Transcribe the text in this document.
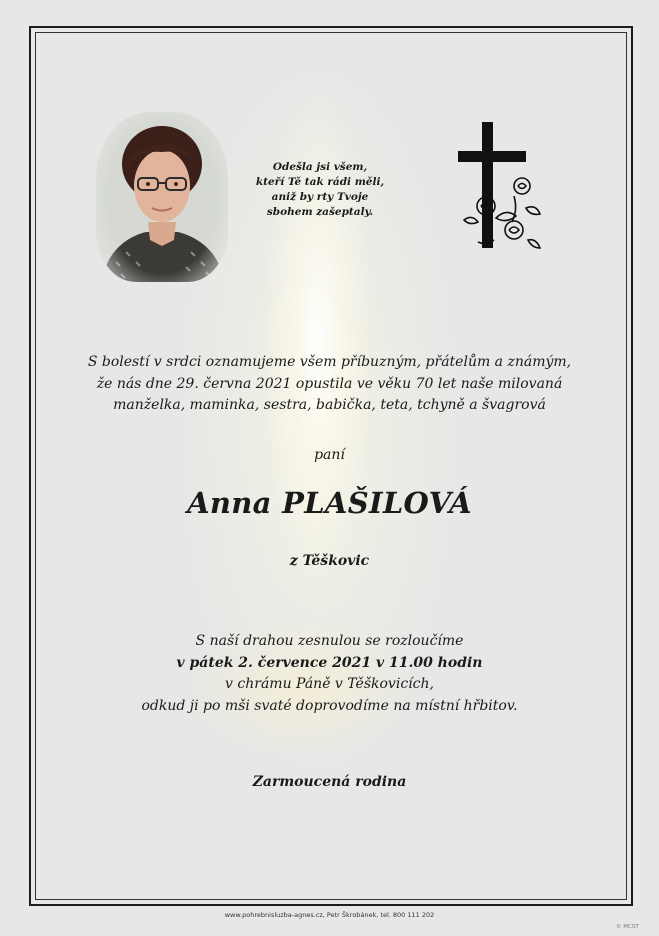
Odešla jsi všem,
kteří Tě tak rádi měli,
aniž by rty Tvoje
sbohem zašeptaly.
S bolestí v srdci oznamujeme všem příbuzným, přátelům a známým,
že nás dne 29. června 2021 opustila ve věku 70 let naše milovaná
manželka, maminka, sestra, babička, teta, tchyně a švagrová
paní
Anna PLAŠILOVÁ
z Těškovic
S naší drahou zesnulou se rozloučíme
v pátek 2. července 2021 v 11.00 hodin
v chrámu Páně v Těškovicích,
odkud ji po mši svaté doprovodíme na místní hřbitov.
Zarmoucená rodina
www.pohrebnisluzba-agnes.cz, Petr Škrobánek, tel. 800 111 202
© MCST
